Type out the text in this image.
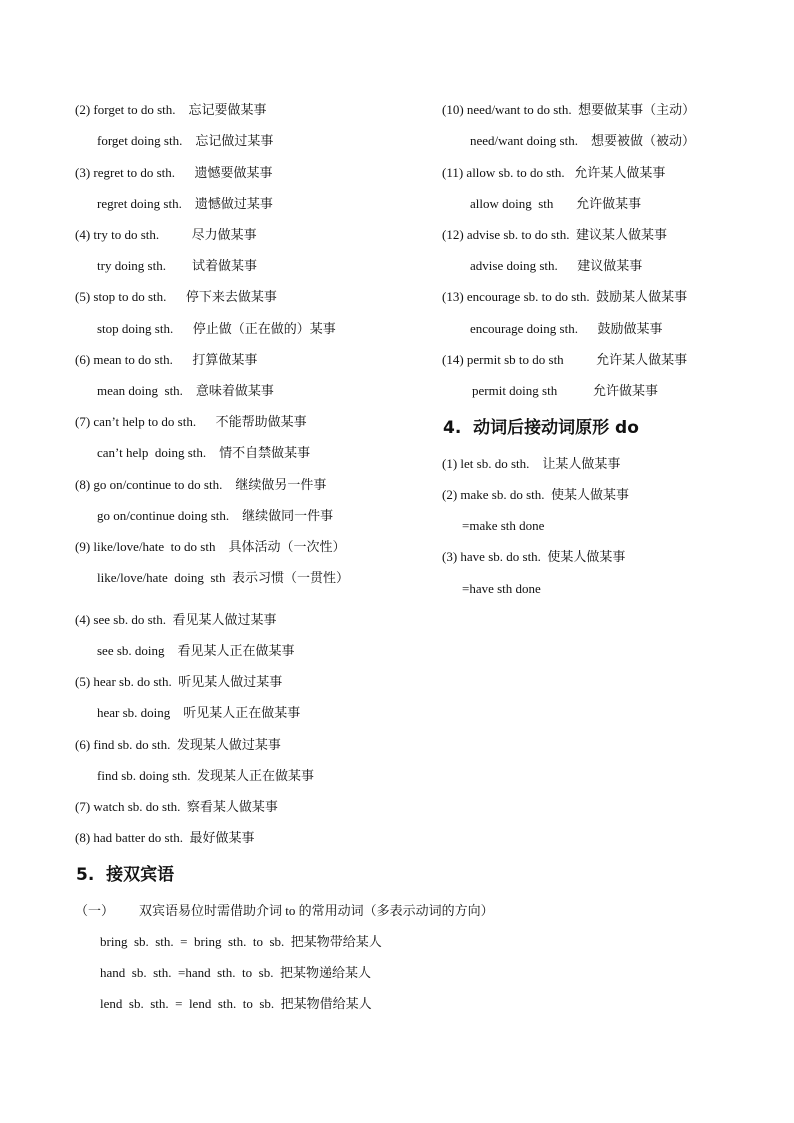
(2) forget to do sth.    忘记要做某事
forget doing sth.    忘记做过某事
(3) regret to do sth.      遗憾要做某事
regret doing sth.    遗憾做过某事
(4) try to do sth.          尽力做某事
try doing sth.        试着做某事
(5) stop to do sth.      停下来去做某事
stop doing sth.      停止做（正在做的）某事
(6) mean to do sth.      打算做某事
mean doing  sth.    意味着做某事
(7) can’t help to do sth.      不能帮助做某事
can’t help  doing sth.    情不自禁做某事
(8) go on/continue to do sth.    继续做另一件事
go on/continue doing sth.    继续做同一件事
(9) like/love/hate  to do sth    具体活动（一次性）
like/love/hate  doing  sth  表示习惯（一贯性）
(10) need/want to do sth.  想要做某事（主动）
need/want doing sth.    想要被做（被动）
(11) allow sb. to do sth.   允许某人做某事
allow doing  sth       允许做某事
(12) advise sb. to do sth.  建议某人做某事
advise doing sth.      建议做某事
(13) encourage sb. to do sth.  鼓励某人做某事
encourage doing sth.      鼓励做某事
(14) permit sb to do sth          允许某人做某事
permit doing sth           允许做某事
4.  动词后接动词原形 do
(1) let sb. do sth.    让某人做某事
(2) make sb. do sth.  使某人做某事
=make sth done
(3) have sb. do sth.  使某人做某事
=have sth done
(4) see sb. do sth.  看见某人做过某事
see sb. doing    看见某人正在做某事
(5) hear sb. do sth.  听见某人做过某事
hear sb. doing    听见某人正在做某事
(6) find sb. do sth.  发现某人做过某事
find sb. doing sth.  发现某人正在做某事
(7) watch sb. do sth.  察看某人做某事
(8) had batter do sth.  最好做某事
5.  接双宾语
（一） 双宾语易位时需借助介词 to 的常用动词（多表示动词的方向）
bring  sb.  sth.  =  bring  sth.  to  sb.  把某物带给某人
hand  sb.  sth.  =hand  sth.  to  sb.  把某物递给某人
lend  sb.  sth.  =  lend  sth.  to  sb.  把某物借给某人
